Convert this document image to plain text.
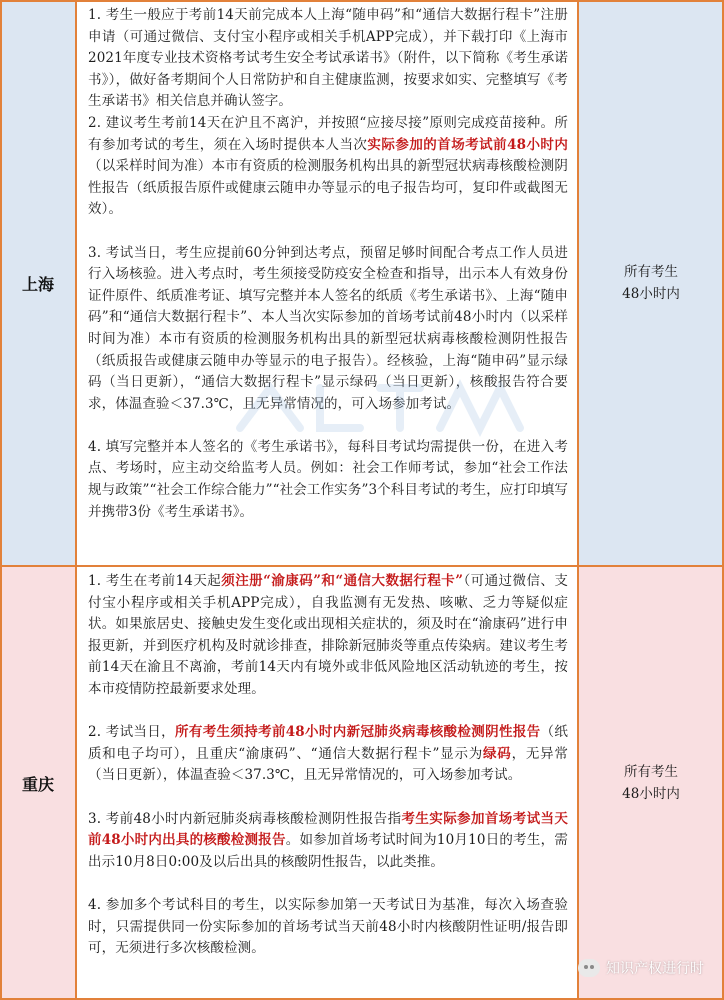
上海

1. 考生一般应于考前14天前完成本人上海“随申码”和“通信大数据行程卡”注册申请（可通过微信、支付宝小程序或相关手机APP完成），并下载打印《上海市2021年度专业技术资格考试考生安全考试承诺书》（附件，以下简称《考生承诺书》），做好备考期间个人日常防护和自主健康监测，按要求如实、完整填写《考生承诺书》相关信息并确认签字。

2. 建议考生考前14天在沪且不离沪，并按照“应接尽接”原则完成疫苗接种。所有参加考试的考生，须在入场时提供本人当次实际参加的首场考试前48小时内（以采样时间为准）本市有资质的检测服务机构出具的新型冠状病毒核酸检测阴性报告（纸质报告原件或健康云随申办等显示的电子报告均可，复印件或截图无效）。

3. 考试当日，考生应提前60分钟到达考点，预留足够时间配合考点工作人员进行入场核验。进入考点时，考生须接受防疫安全检查和指导，出示本人有效身份证件原件、纸质准考证、填写完整并本人签名的纸质《考生承诺书》、上海“随申码”和“通信大数据行程卡”、本人当次实际参加的首场考试前48小时内（以采样时间为准）本市有资质的检测服务机构出具的新型冠状病毒核酸检测阴性报告（纸质报告或健康云随申办等显示的电子报告）。经核验，上海“随申码”显示绿码（当日更新），“通信大数据行程卡”显示绿码（当日更新），核酸报告符合要求，体温查验＜37.3℃，且无异常情况的，可入场参加考试。

4. 填写完整并本人签名的《考生承诺书》，每科目考试均需提供一份，在进入考点、考场时，应主动交给监考人员。例如：社会工作师考试，参加“社会工作法规与政策”“社会工作综合能力”“社会工作实务”3个科目考试的考生，应打印填写并携带3份《考生承诺书》。

所有考生
48小时内
重庆

1. 考生在考前14天起须注册“渝康码”和“通信大数据行程卡”（可通过微信、支付宝小程序或相关手机APP完成），自我监测有无发热、咳嗽、乏力等疑似症状。如果旅居史、接触史发生变化或出现相关症状的，须及时在“渝康码”进行申报更新，并到医疗机构及时就诊排查，排除新冠肺炎等重点传染病。建议考生考前14天在渝且不离渝，考前14天内有境外或非低风险地区活动轨迹的考生，按本市疫情防控最新要求处理。

2. 考试当日，所有考生须持考前48小时内新冠肺炎病毒核酸检测阴性报告（纸质和电子均可），且重庆“渝康码”、“通信大数据行程卡”显示为绿码，无异常（当日更新），体温查验＜37.3℃，且无异常情况的，可入场参加考试。

3. 考前48小时内新冠肺炎病毒核酸检测阴性报告指考生实际参加首场考试当天前48小时内出具的核酸检测报告。如参加首场考试时间为10月10日的考生，需出示10月8日0:00及以后出具的核酸阴性报告，以此类推。

4. 参加多个考试科目的考生，以实际参加第一天考试日为基准，每次入场查验时，只需提供同一份实际参加的首场考试当天前48小时内核酸阴性证明/报告即可，无须进行多次核酸检测。

所有考生
48小时内
知识产权进行时
